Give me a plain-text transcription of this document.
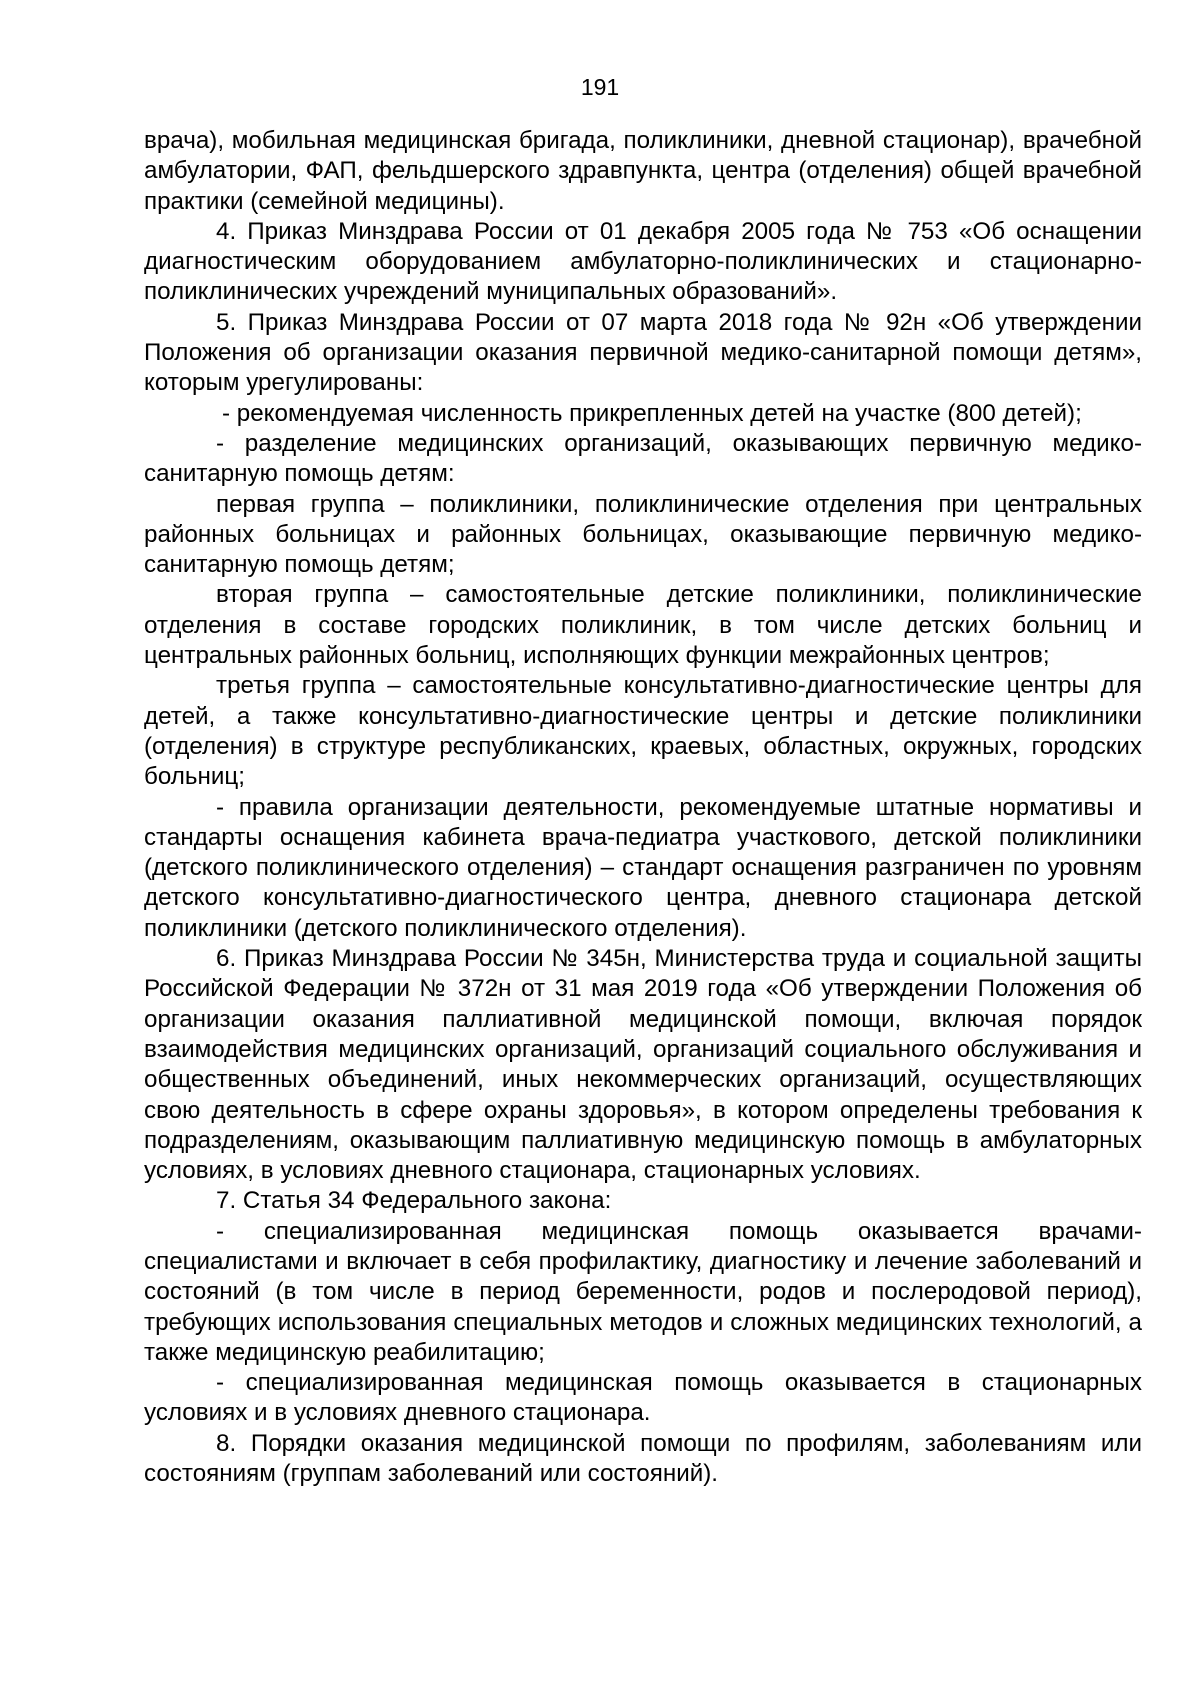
191

врача), мобильная медицинская бригада, поликлиники, дневной стационар), врачебной амбулатории, ФАП, фельдшерского здравпункта, центра (отделения) общей врачебной практики (семейной медицины).

4. Приказ Минздрава России от 01 декабря 2005 года № 753 «Об оснащении диагностическим оборудованием амбулаторно-поликлинических и стационарно-поликлинических учреждений муниципальных образований».

5. Приказ Минздрава России от 07 марта 2018 года № 92н «Об утверждении Положения об организации оказания первичной медико-санитарной помощи детям», которым урегулированы:

- рекомендуемая численность прикрепленных детей на участке (800 детей);

- разделение медицинских организаций, оказывающих первичную медико-санитарную помощь детям:

первая группа – поликлиники, поликлинические отделения при центральных районных больницах и районных больницах, оказывающие первичную медико-санитарную помощь детям;

вторая группа – самостоятельные детские поликлиники, поликлинические отделения в составе городских поликлиник, в том числе детских больниц и центральных районных больниц, исполняющих функции межрайонных центров;

третья группа – самостоятельные консультативно-диагностические центры для детей, а также консультативно-диагностические центры и детские поликлиники (отделения) в структуре республиканских, краевых, областных, окружных, городских больниц;

- правила организации деятельности, рекомендуемые штатные нормативы и стандарты оснащения кабинета врача-педиатра участкового, детской поликлиники (детского поликлинического отделения) – стандарт оснащения разграничен по уровням детского консультативно-диагностического центра, дневного стационара детской поликлиники (детского поликлинического отделения).

6. Приказ Минздрава России № 345н, Министерства труда и социальной защиты Российской Федерации № 372н от 31 мая 2019 года «Об утверждении Положения об организации оказания паллиативной медицинской помощи, включая порядок взаимодействия медицинских организаций, организаций социального обслуживания и общественных объединений, иных некоммерческих организаций, осуществляющих свою деятельность в сфере охраны здоровья», в котором определены требования к подразделениям, оказывающим паллиативную медицинскую помощь в амбулаторных условиях, в условиях дневного стационара, стационарных условиях.

7. Статья 34 Федерального закона:

- специализированная медицинская помощь оказывается врачами-специалистами и включает в себя профилактику, диагностику и лечение заболеваний и состояний (в том числе в период беременности, родов и послеродовой период), требующих использования специальных методов и сложных медицинских технологий, а также медицинскую реабилитацию;

- специализированная медицинская помощь оказывается в стационарных условиях и в условиях дневного стационара.

8. Порядки оказания медицинской помощи по профилям, заболеваниям или состояниям (группам заболеваний или состояний).
